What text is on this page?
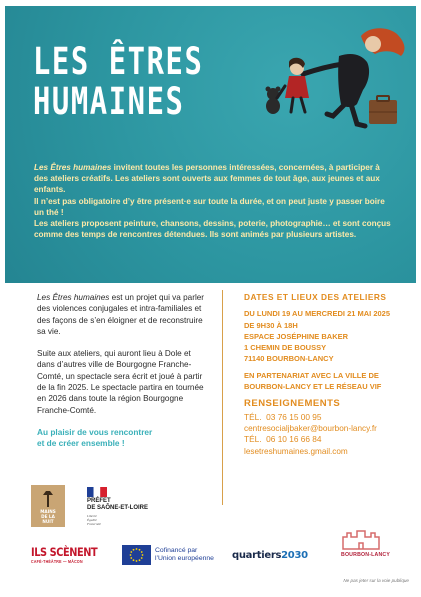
LES ÊTRES
HUMAINES

Les Êtres humaines invitent toutes les personnes intéressées, concernées, à participer à des ateliers créatifs. Les ateliers sont ouverts aux femmes de tout âge, aux jeunes et aux enfants.

Il n’est pas obligatoire d’y être présent·e sur toute la durée, et on peut juste y passer boire un thé !

Les ateliers proposent peinture, chansons, dessins, poterie, photographie… et sont conçus comme des temps de rencontres détendues. Ils sont animés par plusieurs artistes.

Les Êtres humaines est un projet qui va parler des violences conjugales et intra-familiales et des façons de s’en éloigner et de reconstruire sa vie.

Suite aux ateliers, qui auront lieu à Dole et dans d’autres ville de Bourgogne Franche-Comté, un spectacle sera écrit et joué à partir de la fin 2025. Le spectacle partira en tournée en 2026 dans toute la région Bourgogne Franche-Comté.

Au plaisir de vous rencontrer
et de créer ensemble !
DATES ET LIEUX DES ATELIERS
DU LUNDI 19 AU MERCREDI 21 MAI 2025
DE 9H30 À 18H
ESPACE JOSÉPHINE BAKER
1 CHEMIN DE BOUSSY
71140 BOURBON-LANCY
EN PARTENARIAT AVEC LA VILLE DE
BOURBON-LANCY ET LE RÉSEAU VIF
RENSEIGNEMENTS
TÉL. 03 76 15 00 95
centresocialjbaker@bourbon-lancy.fr
TÉL. 06 10 16 66 84
lesetreshumaines.gmail.com
MAINS
DE LA
NUIT
PRÉFET
DE SAÔNE-ET-LOIRE
Liberté
Égalité
Fraternité
ILS SCÈNENT
CAFÉ-THÉÂTRE — MÂCON
Cofinancé par
l’Union européenne quartiers2030	BOURBON-LANCY
Ne pas jeter sur la voie publique
